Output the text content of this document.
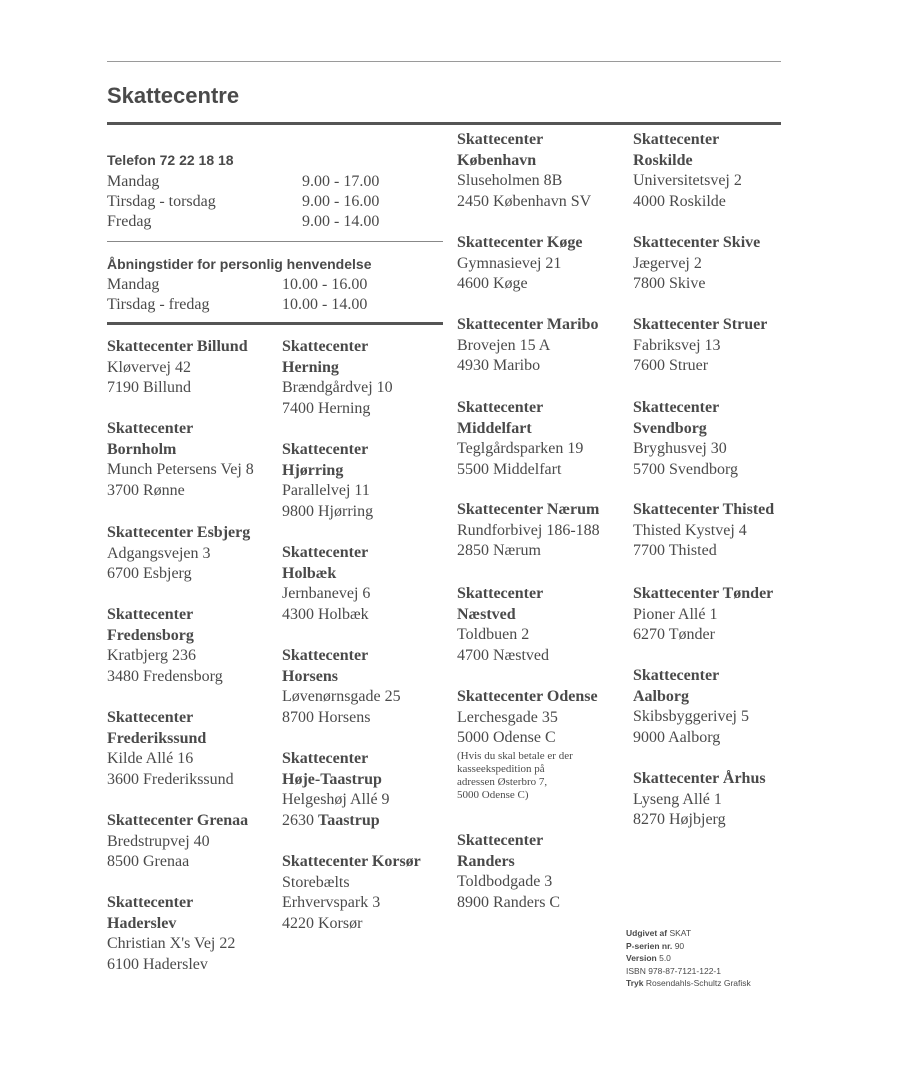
Skattecentre
Telefon 72 22 18 18
Mandag	9.00 - 17.00
Tirsdag - torsdag	9.00 - 16.00
Fredag	9.00 - 14.00
Åbningstider for personlig henvendelse
Mandag	10.00 - 16.00
Tirsdag - fredag	10.00 - 14.00
Skattecenter Billund
Kløvervej 42
7190 Billund
Skattecenter
Bornholm
Munch Petersens Vej 8
3700 Rønne
Skattecenter Esbjerg
Adgangsvejen 3
6700 Esbjerg
Skattecenter
Fredensborg
Kratbjerg 236
3480 Fredensborg
Skattecenter
Frederikssund
Kilde Allé 16
3600 Frederikssund
Skattecenter Grenaa
Bredstrupvej 40
8500 Grenaa
Skattecenter
Haderslev
Christian X's Vej 22
6100 Haderslev
Skattecenter
Herning
Brændgårdvej 10
7400 Herning
Skattecenter
Hjørring
Parallelvej 11
9800 Hjørring
Skattecenter
Holbæk
Jernbanevej 6
4300 Holbæk
Skattecenter
Horsens
Løvenørnsgade 25
8700 Horsens
Skattecenter
Høje-Taastrup
Helgeshøj Allé 9
2630 Taastrup
Skattecenter Korsør
Storebælts
Erhvervspark 3
4220 Korsør
Skattecenter
København
Sluseholmen 8B
2450 København SV
Skattecenter Køge
Gymnasievej 21
4600 Køge
Skattecenter Maribo
Brovejen 15 A
4930 Maribo
Skattecenter
Middelfart
Teglgårdsparken 19
5500 Middelfart
Skattecenter Nærum
Rundforbivej 186-188
2850 Nærum
Skattecenter
Næstved
Toldbuen 2
4700 Næstved
Skattecenter Odense
Lerchesgade 35
5000 Odense C
(Hvis du skal betale er der
kasseekspedition på
adressen Østerbro 7,
5000 Odense C)
Skattecenter
Randers
Toldbodgade 3
8900 Randers C
Skattecenter
Roskilde
Universitetsvej 2
4000 Roskilde
Skattecenter Skive
Jægervej 2
7800 Skive
Skattecenter Struer
Fabriksvej 13
7600 Struer
Skattecenter
Svendborg
Bryghusvej 30
5700 Svendborg
Skattecenter Thisted
Thisted Kystvej 4
7700 Thisted
Skattecenter Tønder
Pioner Allé 1
6270 Tønder
Skattecenter
Aalborg
Skibsbyggerivej 5
9000 Aalborg
Skattecenter Århus
Lyseng Allé 1
8270 Højbjerg
Udgivet af SKAT
P-serien nr. 90
Version 5.0
ISBN 978-87-7121-122-1
Tryk Rosendahls-Schultz Grafisk
